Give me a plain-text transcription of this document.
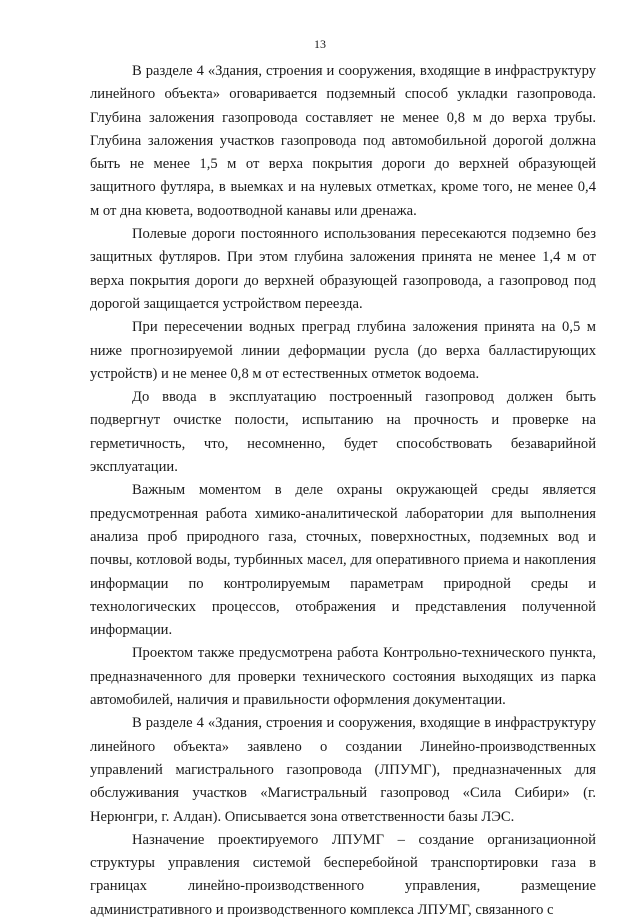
13

В разделе 4 «Здания, строения и сооружения, входящие в инфраструктуру линейного объекта» оговаривается подземный способ укладки газопровода. Глубина заложения газопровода составляет не менее 0,8 м до верха трубы. Глубина заложения участков газопровода под автомобильной дорогой должна быть не менее 1,5 м от верха покрытия дороги до верхней образующей защитного футляра, в выемках и на нулевых отметках, кроме того, не менее 0,4 м от дна кювета, водоотводной канавы или дренажа.

Полевые дороги постоянного использования пересекаются подземно без защитных футляров. При этом глубина заложения принята не менее 1,4 м от верха покрытия дороги до верхней образующей газопровода, а газопровод под дорогой защищается устройством переезда.

При пересечении водных преград глубина заложения принята на 0,5 м ниже прогнозируемой линии деформации русла (до верха балластирующих устройств) и не менее 0,8 м от естественных отметок водоема.

До ввода в эксплуатацию построенный газопровод должен быть подвергнут очистке полости, испытанию на прочность и проверке на герметичность, что, несомненно, будет способствовать безаварийной эксплуатации.

Важным моментом в деле охраны окружающей среды является предусмотренная работа химико-аналитической лаборатории для выполнения анализа проб природного газа, сточных, поверхностных, подземных вод и почвы, котловой воды, турбинных масел, для оперативного приема и накопления информации по контролируемым параметрам природной среды и технологических процессов, отображения и представления полученной информации.

Проектом также предусмотрена работа Контрольно-технического пункта, предназначенного для проверки технического состояния выходящих из парка автомобилей, наличия и правильности оформления документации.

В разделе 4 «Здания, строения и сооружения, входящие в инфраструктуру линейного объекта» заявлено о создании Линейно-производственных управлений магистрального газопровода (ЛПУМГ), предназначенных для обслуживания участков «Магистральный газопровод «Сила Сибири» (г. Нерюнгри, г. Алдан). Описывается зона ответственности базы ЛЭС.

Назначение проектируемого ЛПУМГ – создание организационной структуры управления системой бесперебойной транспортировки газа в границах линейно-производственного управления, размещение административного и производственного комплекса ЛПУМГ, связанного с
